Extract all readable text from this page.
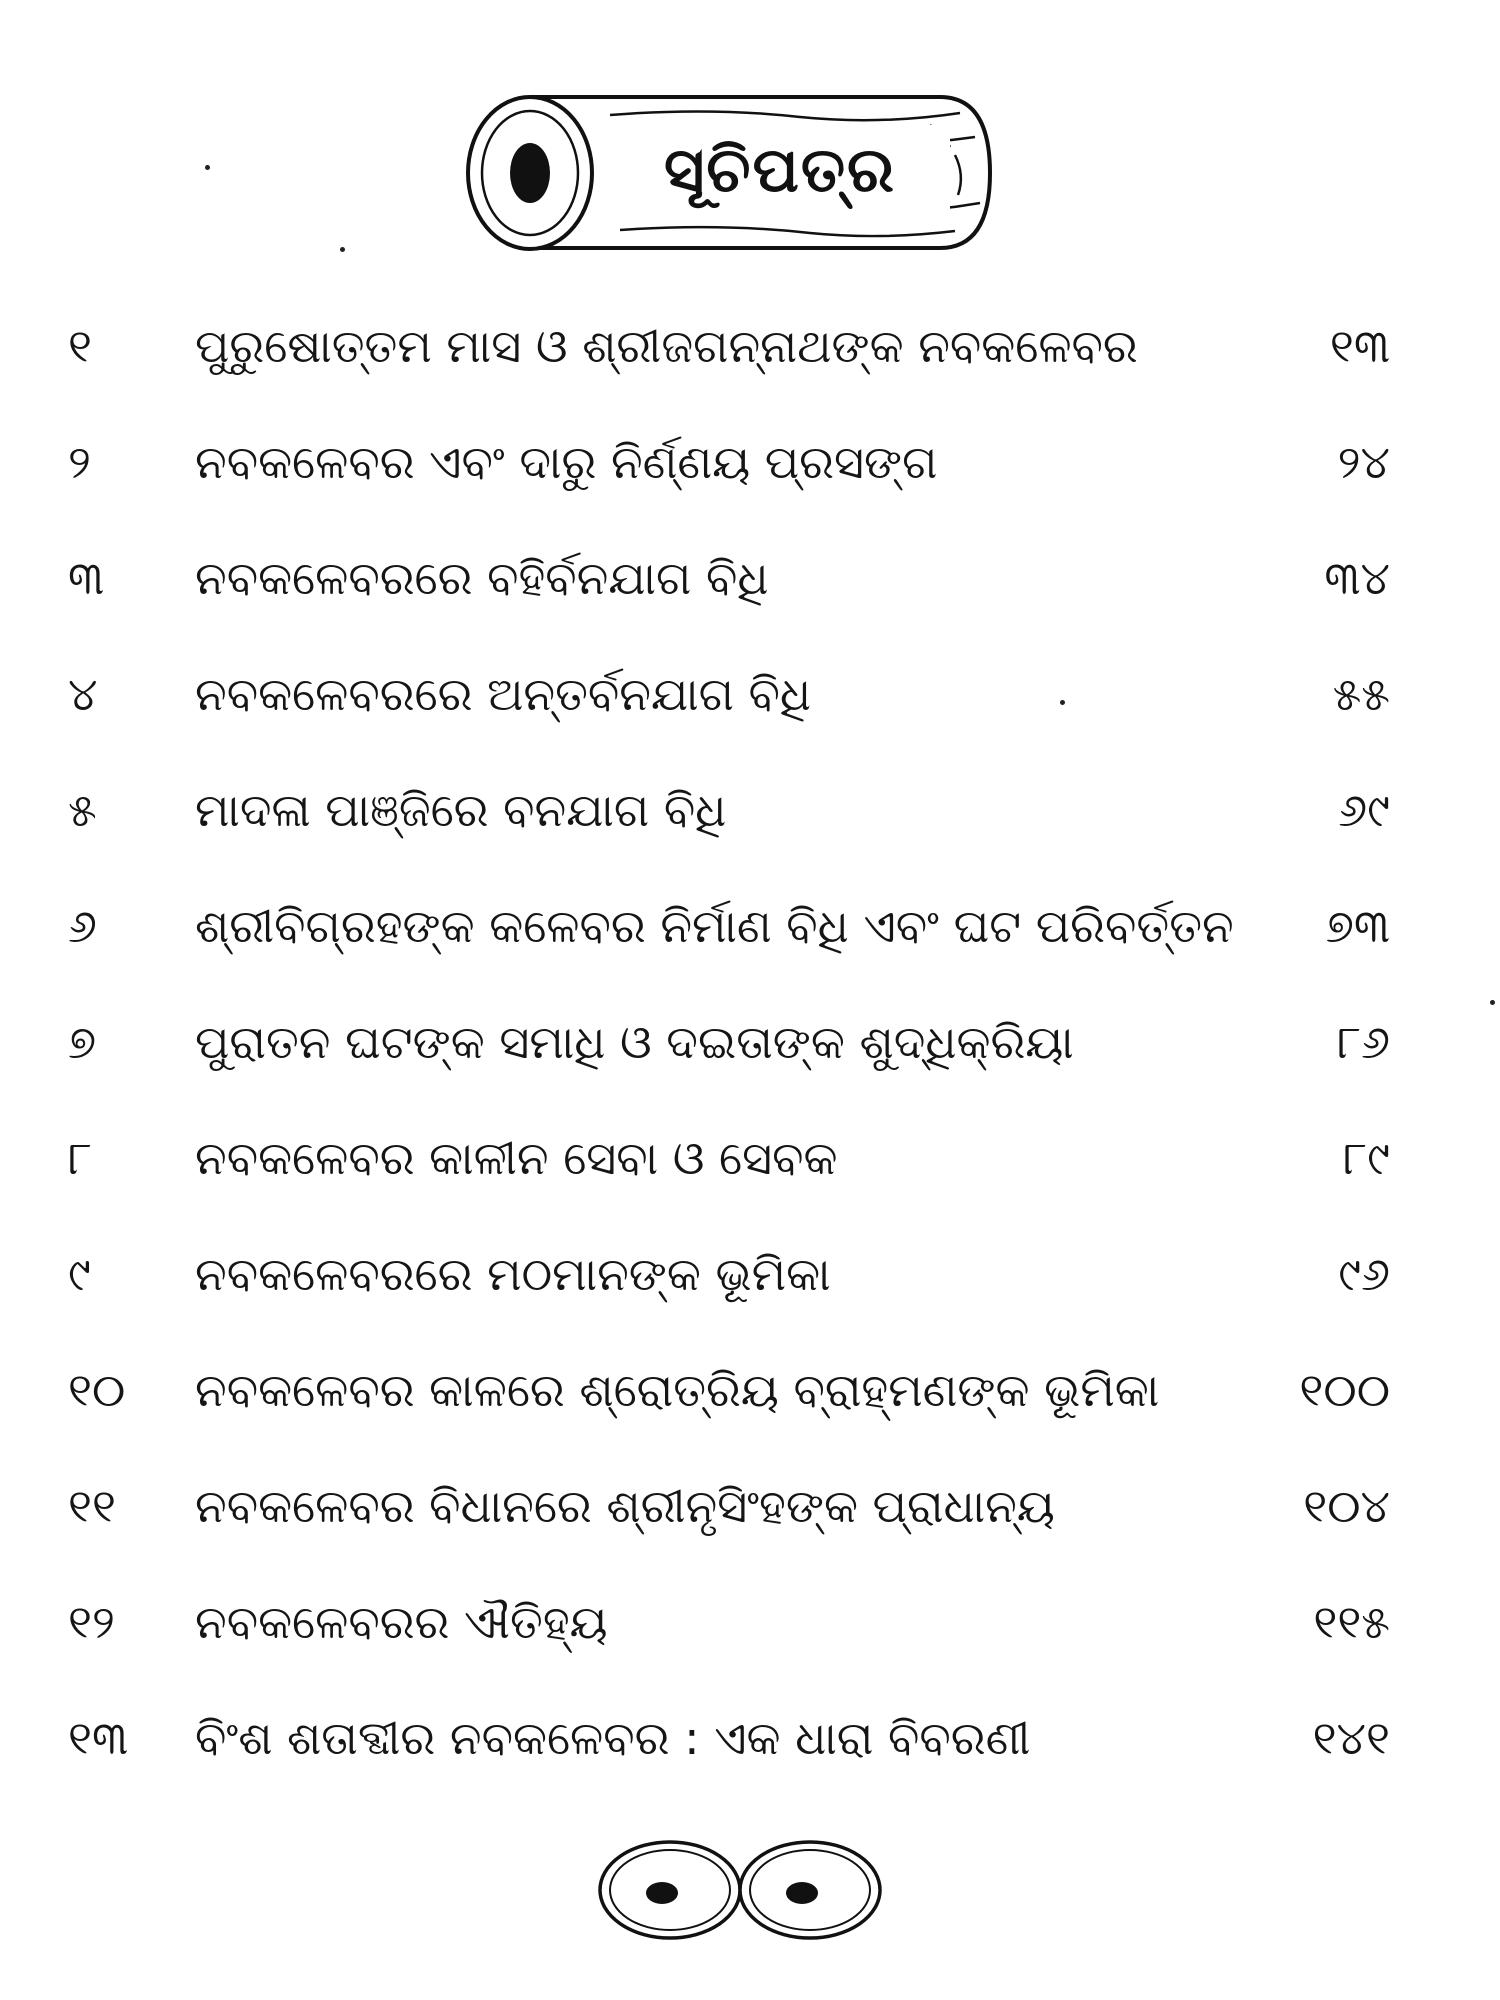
ସୂଚିପତ୍ର
୧	ପୁରୁଷୋତ୍ତମ ମାସ ଓ ଶ୍ରୀଜଗନ୍ନାଥଙ୍କ ନବକଳେବର	୧୩
୨	ନବକଳେବର ଏବଂ ଦାରୁ ନିର୍ଣ୍ଣୟ ପ୍ରସଙ୍ଗ	୨୪
୩	ନବକଳେବରରେ ବହିର୍ବନଯାଗ ବିଧି	୩୪
୪	ନବକଳେବରରେ ଅନ୍ତର୍ବନଯାଗ ବିଧି	୫୫
୫	ମାଦଳା ପାଞ୍ଜିରେ ବନଯାଗ ବିଧି	୬୯
୬	ଶ୍ରୀବିଗ୍ରହଙ୍କ କଳେବର ନିର୍ମାଣ ବିଧି ଏବଂ ଘଟ ପରିବର୍ତ୍ତନ	୭୩
୭	ପୁରାତନ ଘଟଙ୍କ ସମାଧି ଓ ଦଇତାଙ୍କ ଶୁଦ୍ଧିକ୍ରିୟା	୮୬
୮	ନବକଳେବର କାଳୀନ ସେବା ଓ ସେବକ	୮୯
୯	ନବକଳେବରରେ ମଠମାନଙ୍କ ଭୂମିକା	୯୬
୧୦	ନବକଳେବର କାଳରେ ଶ୍ରୋତ୍ରିୟ ବ୍ରାହ୍ମଣଙ୍କ ଭୂମିକା	୧୦୦
୧୧	ନବକଳେବର ବିଧାନରେ ଶ୍ରୀନୃସିଂହଙ୍କ ପ୍ରାଧାନ୍ୟ	୧୦୪
୧୨	ନବକଳେବରର ଐତିହ୍ୟ	୧୧୫
୧୩	ବିଂଶ ଶତାବ୍ଦୀର ନବକଳେବର : ଏକ ଧାରା ବିବରଣୀ	୧୪୧
